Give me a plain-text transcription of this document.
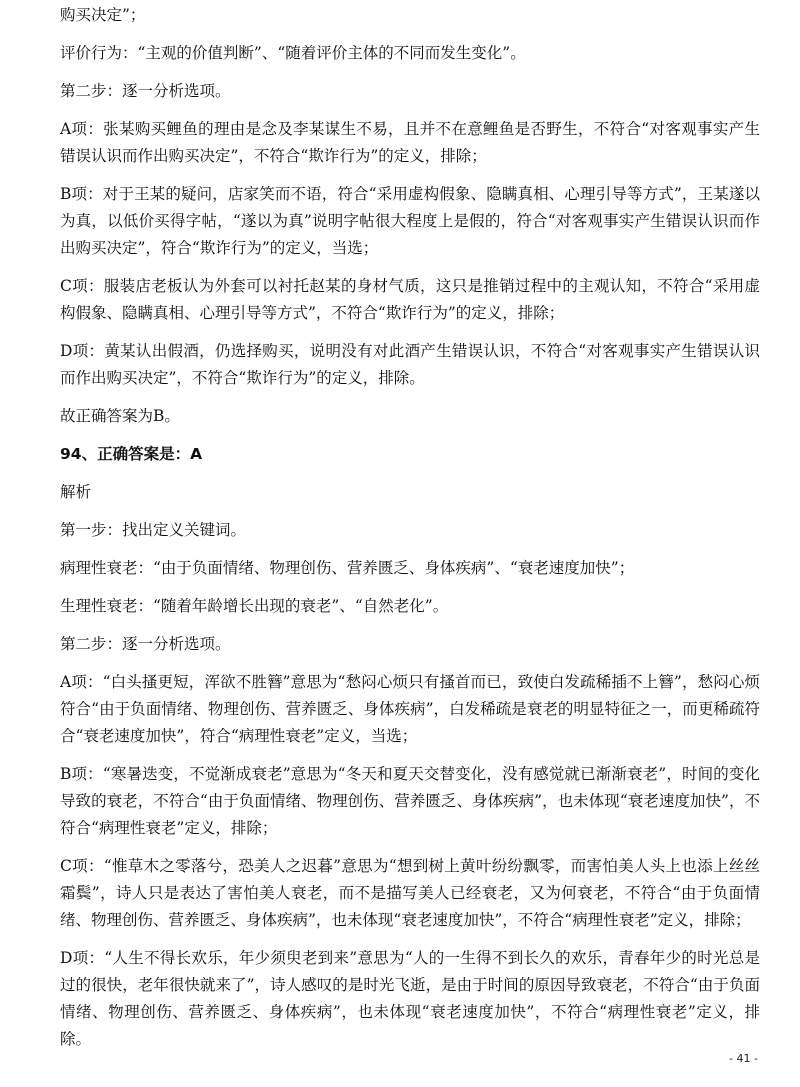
购买决定”；

评价行为：“主观的价值判断”、“随着评价主体的不同而发生变化”。

第二步：逐一分析选项。

A项：张某购买鲤鱼的理由是念及李某谋生不易，且并不在意鲤鱼是否野生，不符合“对客观事实产生错误认识而作出购买决定”，不符合“欺诈行为”的定义，排除；

B项：对于王某的疑问，店家笑而不语，符合“采用虚构假象、隐瞒真相、心理引导等方式”，王某遂以为真，以低价买得字帖，“遂以为真”说明字帖很大程度上是假的，符合“对客观事实产生错误认识而作出购买决定”，符合“欺诈行为”的定义，当选；

C项：服装店老板认为外套可以衬托赵某的身材气质，这只是推销过程中的主观认知，不符合“采用虚构假象、隐瞒真相、心理引导等方式”，不符合“欺诈行为”的定义，排除；

D项：黄某认出假酒，仍选择购买，说明没有对此酒产生错误认识，不符合“对客观事实产生错误认识而作出购买决定”，不符合“欺诈行为”的定义，排除。

故正确答案为B。

94、正确答案是：A

解析

第一步：找出定义关键词。

病理性衰老：“由于负面情绪、物理创伤、营养匮乏、身体疾病”、“衰老速度加快”；

生理性衰老：“随着年龄增长出现的衰老”、“自然老化”。

第二步：逐一分析选项。

A项：“白头搔更短，浑欲不胜簪”意思为“愁闷心烦只有搔首而已，致使白发疏稀插不上簪”，愁闷心烦符合“由于负面情绪、物理创伤、营养匮乏、身体疾病”，白发稀疏是衰老的明显特征之一，而更稀疏符合“衰老速度加快”，符合“病理性衰老”定义，当选；

B项：“寒暑迭变，不觉渐成衰老”意思为“冬天和夏天交替变化，没有感觉就已渐渐衰老”，时间的变化导致的衰老，不符合“由于负面情绪、物理创伤、营养匮乏、身体疾病”，也未体现“衰老速度加快”，不符合“病理性衰老”定义，排除；

C项：“惟草木之零落兮，恐美人之迟暮”意思为“想到树上黄叶纷纷飘零，而害怕美人头上也添上丝丝霜鬓”，诗人只是表达了害怕美人衰老，而不是描写美人已经衰老，又为何衰老，不符合“由于负面情绪、物理创伤、营养匮乏、身体疾病”，也未体现“衰老速度加快”，不符合“病理性衰老”定义，排除；

D项：“人生不得长欢乐，年少须臾老到来”意思为“人的一生得不到长久的欢乐，青春年少的时光总是过的很快，老年很快就来了”，诗人感叹的是时光飞逝，是由于时间的原因导致衰老，不符合“由于负面情绪、物理创伤、营养匮乏、身体疾病”，也未体现“衰老速度加快”，不符合“病理性衰老”定义，排除。

- 41 -
